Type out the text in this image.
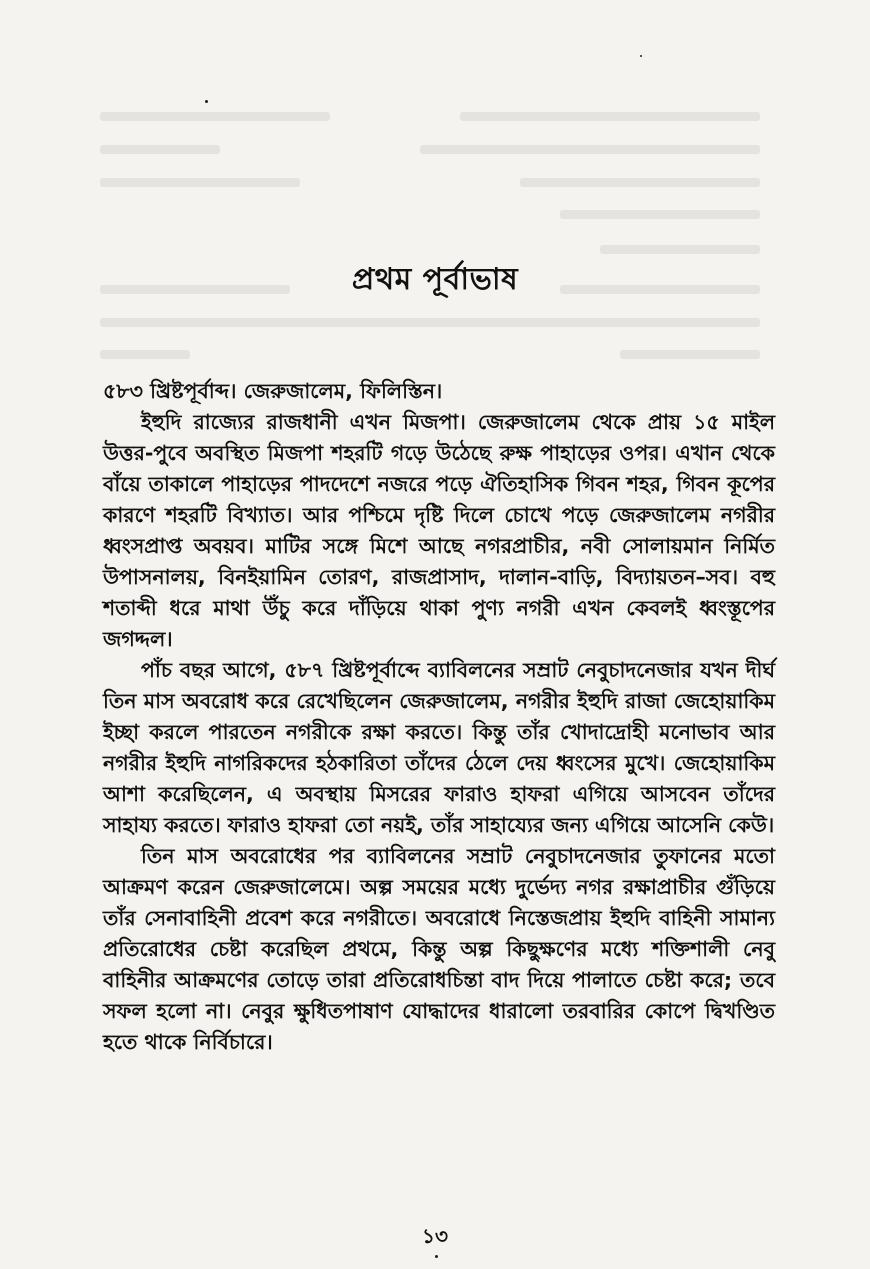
প্রথম পূর্বাভাষ

৫৮৩ খ্রিষ্টপূর্বাব্দ। জেরুজালেম, ফিলিস্তিন।

ইহুদি রাজ্যের রাজধানী এখন মিজপা। জেরুজালেম থেকে প্রায় ১৫ মাইল উত্তর-পুবে অবস্থিত মিজপা শহরটি গড়ে উঠেছে রুক্ষ পাহাড়ের ওপর। এখান থেকে বাঁয়ে তাকালে পাহাড়ের পাদদেশে নজরে পড়ে ঐতিহাসিক গিবন শহর, গিবন কূপের কারণে শহরটি বিখ্যাত। আর পশ্চিমে দৃষ্টি দিলে চোখে পড়ে জেরুজালেম নগরীর ধ্বংসপ্রাপ্ত অবয়ব। মাটির সঙ্গে মিশে আছে নগরপ্রাচীর, নবী সোলায়মান নির্মিত উপাসনালয়, বিনইয়ামিন তোরণ, রাজপ্রাসাদ, দালান-বাড়ি, বিদ্যায়তন–সব। বহু শতাব্দী ধরে মাথা উঁচু করে দাঁড়িয়ে থাকা পুণ্য নগরী এখন কেবলই ধ্বংস্তূপের জগদ্দল।

পাঁচ বছর আগে, ৫৮৭ খ্রিষ্টপূর্বাব্দে ব্যাবিলনের সম্রাট নেবুচাদনেজার যখন দীর্ঘ তিন মাস অবরোধ করে রেখেছিলেন জেরুজালেম, নগরীর ইহুদি রাজা জেহোয়াকিম ইচ্ছা করলে পারতেন নগরীকে রক্ষা করতে। কিন্তু তাঁর খোদাদ্রোহী মনোভাব আর নগরীর ইহুদি নাগরিকদের হঠকারিতা তাঁদের ঠেলে দেয় ধ্বংসের মুখে। জেহোয়াকিম আশা করেছিলেন, এ অবস্থায় মিসরের ফারাও হাফরা এগিয়ে আসবেন তাঁদের সাহায্য করতে। ফারাও হাফরা তো নয়ই, তাঁর সাহায্যের জন্য এগিয়ে আসেনি কেউ।

তিন মাস অবরোধের পর ব্যাবিলনের সম্রাট নেবুচাদনেজার তুফানের মতো আক্রমণ করেন জেরুজালেমে। অল্প সময়ের মধ্যে দুর্ভেদ্য নগর রক্ষাপ্রাচীর গুঁড়িয়ে তাঁর সেনাবাহিনী প্রবেশ করে নগরীতে। অবরোধে নিস্তেজপ্রায় ইহুদি বাহিনী সামান্য প্রতিরোধের চেষ্টা করেছিল প্রথমে, কিন্তু অল্প কিছুক্ষণের মধ্যে শক্তিশালী নেবু বাহিনীর আক্রমণের তোড়ে তারা প্রতিরোধচিন্তা বাদ দিয়ে পালাতে চেষ্টা করে; তবে সফল হলো না। নেবুর ক্ষুধিতপাষাণ যোদ্ধাদের ধারালো তরবারির কোপে দ্বিখণ্ডিত হতে থাকে নির্বিচারে।

১৩
